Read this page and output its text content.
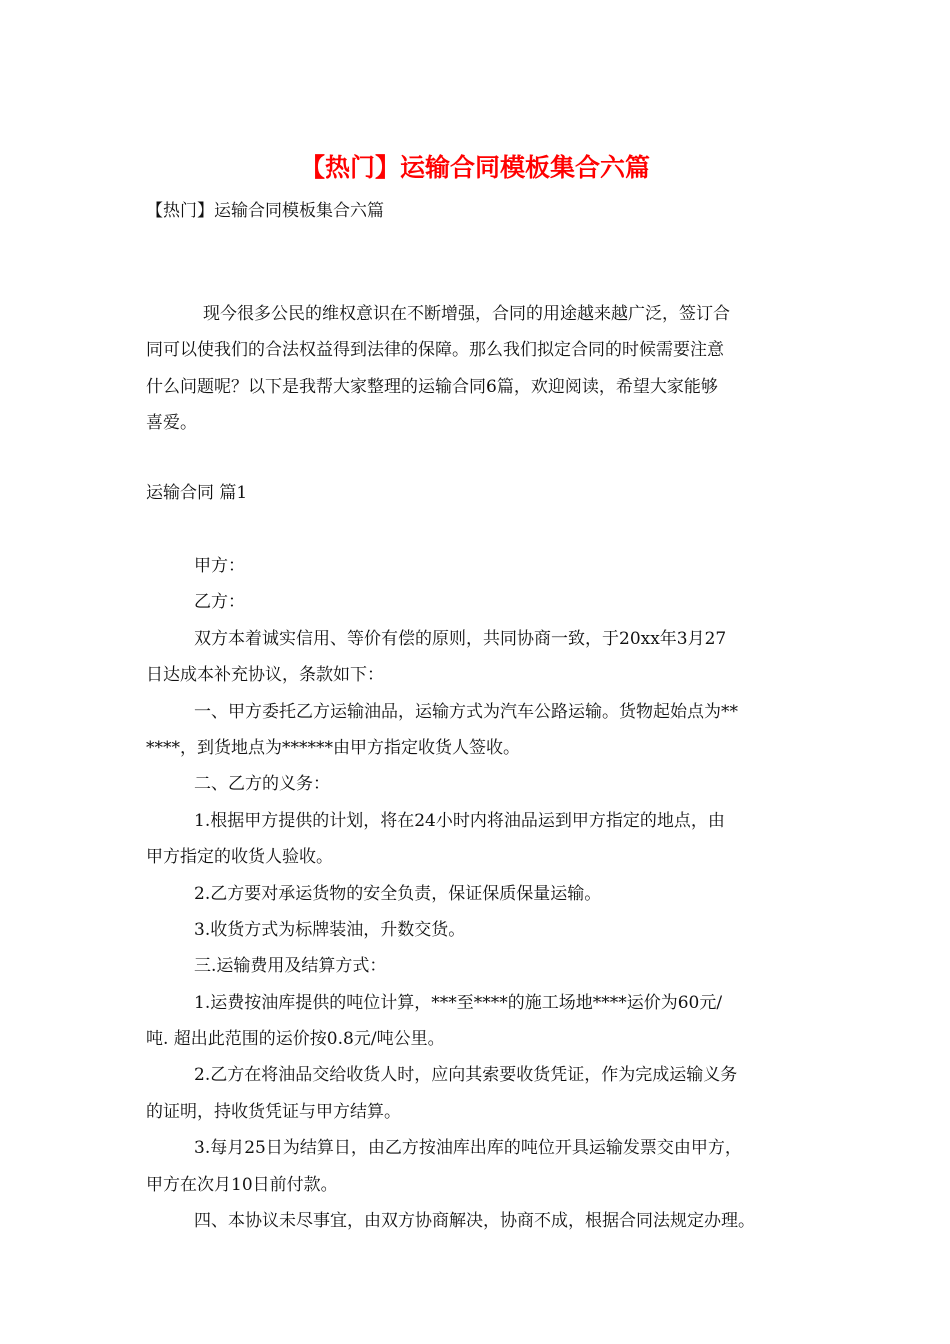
【热门】运输合同模板集合六篇
【热门】运输合同模板集合六篇
现今很多公民的维权意识在不断增强，合同的用途越来越广泛，签订合
同可以使我们的合法权益得到法律的保障。那么我们拟定合同的时候需要注意
什么问题呢？以下是我帮大家整理的运输合同6篇，欢迎阅读，希望大家能够
喜爱。
运输合同 篇1
甲方：
乙方：
双方本着诚实信用、等价有偿的原则，共同协商一致，于20xx年3月27
日达成本补充协议，条款如下：
一、甲方委托乙方运输油品，运输方式为汽车公路运输。货物起始点为**
****，到货地点为******由甲方指定收货人签收。
二、乙方的义务：
1.根据甲方提供的计划，将在24小时内将油品运到甲方指定的地点，由
甲方指定的收货人验收。
2.乙方要对承运货物的安全负责，保证保质保量运输。
3.收货方式为标牌装油，升数交货。
三.运输费用及结算方式：
1.运费按油库提供的吨位计算，***至****的施工场地****运价为60元/
吨. 超出此范围的运价按0.8元/吨公里。
2.乙方在将油品交给收货人时，应向其索要收货凭证，作为完成运输义务
的证明，持收货凭证与甲方结算。
3.每月25日为结算日，由乙方按油库出库的吨位开具运输发票交由甲方，
甲方在次月10日前付款。
四、本协议未尽事宜，由双方协商解决，协商不成，根据合同法规定办理。
